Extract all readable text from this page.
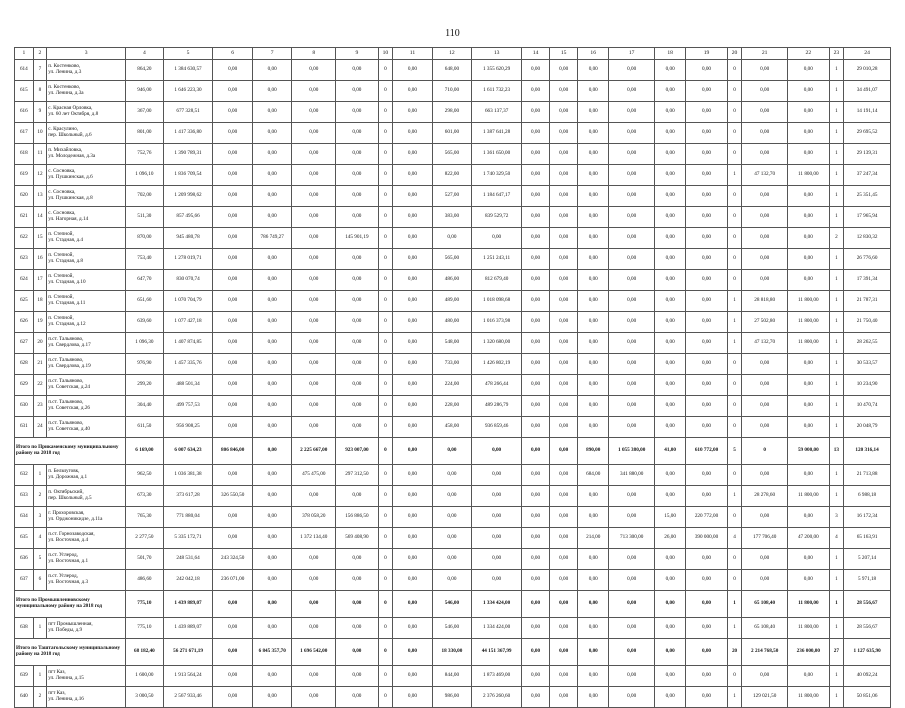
110
1	2	3	4	5	6	7	8	9	10	11	12	13	14	15	16	17	18	19	20	21	22	23	24
614	7	п. Костенково,
ул. Ленина, д.3	864,20	1 384 630,57	0,00	0,00	0,00	0,00	0	0,00	648,00	1 355 620,29	0,00	0,00	0,00	0,00	0,00	0,00	0	0,00	0,00	1	29 010,28
615	8	п. Костенково,
ул. Ленина, д.3а	946,00	1 646 223,30	0,00	0,00	0,00	0,00	0	0,00	710,00	1 611 732,23	0,00	0,00	0,00	0,00	0,00	0,00	0	0,00	0,00	1	34 491,07
616	9	с. Красная Орловка,
ул. 60 лет Октября, д.8	367,00	677 328,51	0,00	0,00	0,00	0,00	0	0,00	298,00	663 137,37	0,00	0,00	0,00	0,00	0,00	0,00	0	0,00	0,00	1	14 191,14
617	10	с. Красулино,
пер. Школьный, д.6	801,00	1 417 336,80	0,00	0,00	0,00	0,00	0	0,00	601,00	1 387 641,28	0,00	0,00	0,00	0,00	0,00	0,00	0	0,00	0,00	1	29 695,52
618	11	п. Михайловка,
ул. Молодежная, д.3а	752,76	1 390 789,31	0,00	0,00	0,00	0,00	0	0,00	565,00	1 361 650,00	0,00	0,00	0,00	0,00	0,00	0,00	0	0,00	0,00	1	29 139,31
619	12	с. Сосновка,
ул. Пушкинская, д.6	1 096,10	1 836 709,54	0,00	0,00	0,00	0,00	0	0,00	822,00	1 740 329,50	0,00	0,00	0,00	0,00	0,00	0,00	1	47 132,70	11 800,00	1	37 247,34
620	13	с. Сосновка,
ул. Пушкинская, д.8	702,00	1 209 998,62	0,00	0,00	0,00	0,00	0	0,00	527,00	1 184 647,17	0,00	0,00	0,00	0,00	0,00	0,00	0	0,00	0,00	1	25 351,45
621	14	с. Сосновка,
ул. Нагорная, д.14	511,30	857 495,66	0,00	0,00	0,00	0,00	0	0,00	383,00	839 529,72	0,00	0,00	0,00	0,00	0,00	0,00	0	0,00	0,00	1	17 965,94
622	15	п. Степной,
ул. Стадная, д.4	870,00	945 480,78	0,00	786 749,27	0,00	145 901,19	0	0,00	0,00	0,00	0,00	0,00	0,00	0,00	0,00	0,00	0	0,00	0,00	2	12 830,32
623	16	п. Степной,
ул. Стадная, д.8	753,40	1 278 019,71	0,00	0,00	0,00	0,00	0	0,00	565,00	1 251 243,11	0,00	0,00	0,00	0,00	0,00	0,00	0	0,00	0,00	1	26 776,60
624	17	п. Степной,
ул. Стадная, д.10	647,70	830 070,74	0,00	0,00	0,00	0,00	0	0,00	486,00	812 679,40	0,00	0,00	0,00	0,00	0,00	0,00	0	0,00	0,00	1	17 391,34
625	18	п. Степной,
ул. Стадная, д.11	651,60	1 070 704,79	0,00	0,00	0,00	0,00	0	0,00	489,00	1 018 098,68	0,00	0,00	0,00	0,00	0,00	0,00	1	28 818,80	11 800,00	1	21 787,31
626	19	п. Степной,
ул. Стадная, д.12	639,60	1 077 427,18	0,00	0,00	0,00	0,00	0	0,00	480,00	1 016 373,98	0,00	0,00	0,00	0,00	0,00	0,00	1	27 502,80	11 800,00	1	21 750,40
627	20	п.ст. Тальяново,
ул. Свердлова, д.17	1 096,30	1 407 874,85	0,00	0,00	0,00	0,00	0	0,00	548,00	1 320 680,00	0,00	0,00	0,00	0,00	0,00	0,00	1	47 132,70	11 800,00	1	28 262,55
628	21	п.ст. Тальяново,
ул. Свердлова, д.19	976,90	1 457 335,76	0,00	0,00	0,00	0,00	0	0,00	733,00	1 426 802,19	0,00	0,00	0,00	0,00	0,00	0,00	0	0,00	0,00	1	30 533,57
629	22	п.ст. Тальяново,
ул. Советская, д.24	299,20	488 501,34	0,00	0,00	0,00	0,00	0	0,00	224,00	478 266,44	0,00	0,00	0,00	0,00	0,00	0,00	0	0,00	0,00	1	10 234,90
630	23	п.ст. Тальяново,
ул. Советская, д.26	304,40	499 757,53	0,00	0,00	0,00	0,00	0	0,00	228,00	489 286,79	0,00	0,00	0,00	0,00	0,00	0,00	0	0,00	0,00	1	10 470,74
631	24	п.ст. Тальяново,
ул. Советская, д.40	611,50	956 908,25	0,00	0,00	0,00	0,00	0	0,00	458,00	936 859,46	0,00	0,00	0,00	0,00	0,00	0,00	0	0,00	0,00	1	20 048,79
Итого по Прикаменскому муниципальному району на 2018 год			6 169,00	6 007 634,23	806 846,00	0,00	2 225 667,00	923 007,00	0	0,00	0,00	0,00	0,00	0,00	890,00	1 055 380,00	41,00	610 772,00	5	0	59 000,00	13	120 316,14
632	1	п. Бельчуговк,
ул. Дорожная, д.1	962,50	1 036 381,38	0,00	0,00	475 475,00	297 312,50	0	0,00	0,00	0,00	0,00	0,00	684,00	341 880,00	0,00	0,00	0	0,00	0,00	1	21 713,88
633	2	п. Октябрьский,
пер. Школьный, д.5	673,30	373 617,28	326 550,50	0,00	0,00	0,00	0	0,00	0,00	0,00	0,00	0,00	0,00	0,00	0,00	0,00	1	28 278,60	11 800,00	1	6 988,18
634	3	г. Прохоровская,
ул. Орджоникидзе, д.11а	765,30	771 880,04	0,00	0,00	378 058,20	156 886,50	0	0,00	0,00	0,00	0,00	0,00	0,00	0,00	15,00	220 772,00	0	0,00	0,00	3	16 172,34
635	4	п.ст. Горнозаводская,
ул. Восточная, д.4	2 277,50	5 335 172,71	0,00	0,00	1 372 134,40	569 408,90	0	0,00	0,00	0,00	0,00	0,00	214,00	713 300,00	26,00	390 000,00	4	177 706,40	47 200,00	4	65 163,91
636	5	п.ст. Углерод,
ул. Восточная, д.1	501,70	248 531,64	243 324,50	0,00	0,00	0,00	0	0,00	0,00	0,00	0,00	0,00	0,00	0,00	0,00	0,00	0	0,00	0,00	1	5 207,14
637	6	п.ст. Углерод,
ул. Восточная, д.3	486,60	242 042,18	236 071,00	0,00	0,00	0,00	0	0,00	0,00	0,00	0,00	0,00	0,00	0,00	0,00	0,00	0	0,00	0,00	1	5 971,18
Итого по Промышленновскому муниципальному району на 2018 год			775,10	1 439 889,07	0,00	0,00	0,00	0,00	0	0,00	546,00	1 334 424,00	0,00	0,00	0,00	0,00	0,00	0,00	1	65 108,40	11 800,00	1	28 556,67
638	1	пгт Промышленная,
ул. Победы, д.9	775,10	1 439 889,07	0,00	0,00	0,00	0,00	0	0,00	546,00	1 334 424,00	0,00	0,00	0,00	0,00	0,00	0,00	1	65 108,40	11 800,00	1	28 556,67
Итого по Таштагольскому муниципальному району на 2018 год			68 182,40	56 271 671,19	0,00	6 845 357,70	1 696 542,00	0,00	0	0,00	18 330,00	44 151 367,99	0,00	0,00	0,00	0,00	0,00	0,00	20	2 214 768,50	236 000,00	27	1 127 635,90
639	1	пгт Каз,
ул. Ленина, д.15	1 600,00	1 913 564,24	0,00	0,00	0,00	0,00	0	0,00	844,00	1 873 469,00	0,00	0,00	0,00	0,00	0,00	0,00	0	0,00	0,00	1	40 092,24
640	2	пгт Каз,
ул. Ленина, д.16	3 000,50	2 567 933,46	0,00	0,00	0,00	0,00	0	0,00	986,00	2 376 260,60	0,00	0,00	0,00	0,00	0,00	0,00	1	129 021,50	11 800,00	1	50 851,06
